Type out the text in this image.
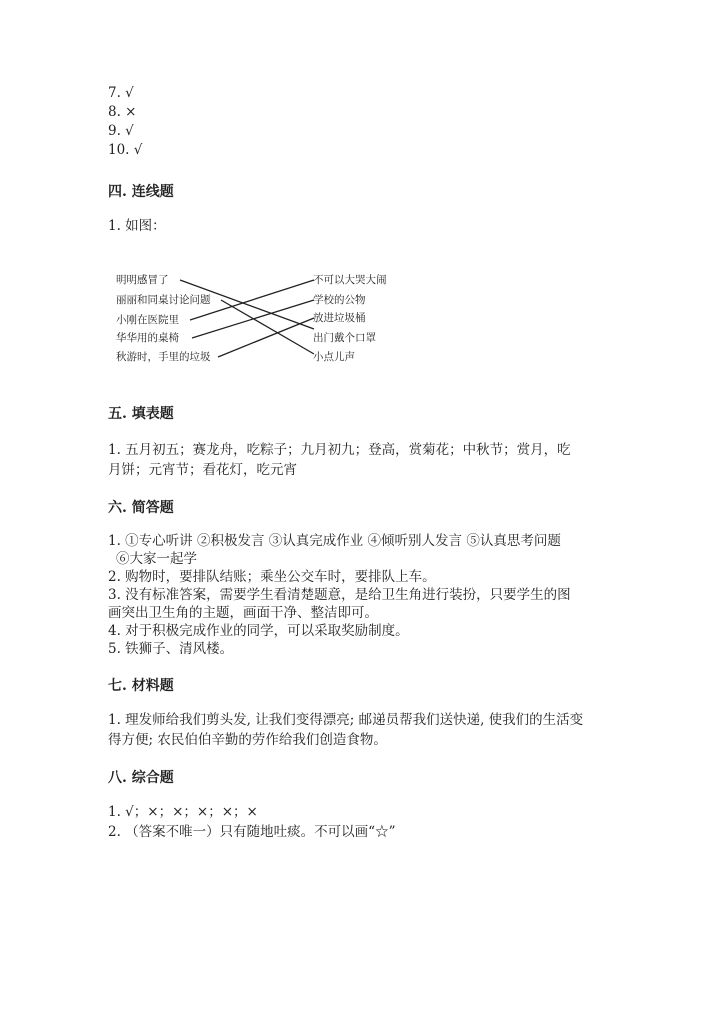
7. √
8. ×
9. √
10. √
四. 连线题
1. 如图：
五. 填表题
1. 五月初五；赛龙舟，吃粽子；九月初九；登高，赏菊花；中秋节；赏月，吃
月饼；元宵节；看花灯，吃元宵
六. 简答题
1. ①专心听讲 ②积极发言 ③认真完成作业 ④倾听别人发言 ⑤认真思考问题
⑥大家一起学
2. 购物时，要排队结账；乘坐公交车时，要排队上车。
3. 没有标准答案，需要学生看清楚题意，是给卫生角进行装扮，只要学生的图
画突出卫生角的主题，画面干净、整洁即可。
4. 对于积极完成作业的同学，可以采取奖励制度。
5. 铁狮子、清风楼。
七. 材料题
1. 理发师给我们剪头发, 让我们变得漂亮; 邮递员帮我们送快递, 使我们的生活变
得方便; 农民伯伯辛勤的劳作给我们创造食物。
八. 综合题
1. √；×；×；×；×；×
2. （答案不唯一）只有随地吐痰。不可以画“☆”
明明感冒了
丽丽和同桌讨论问题
小刚在医院里
华华用的桌椅
秋游时，手里的垃圾
不可以大哭大闹
学校的公物
放进垃圾桶
出门戴个口罩
小点儿声
